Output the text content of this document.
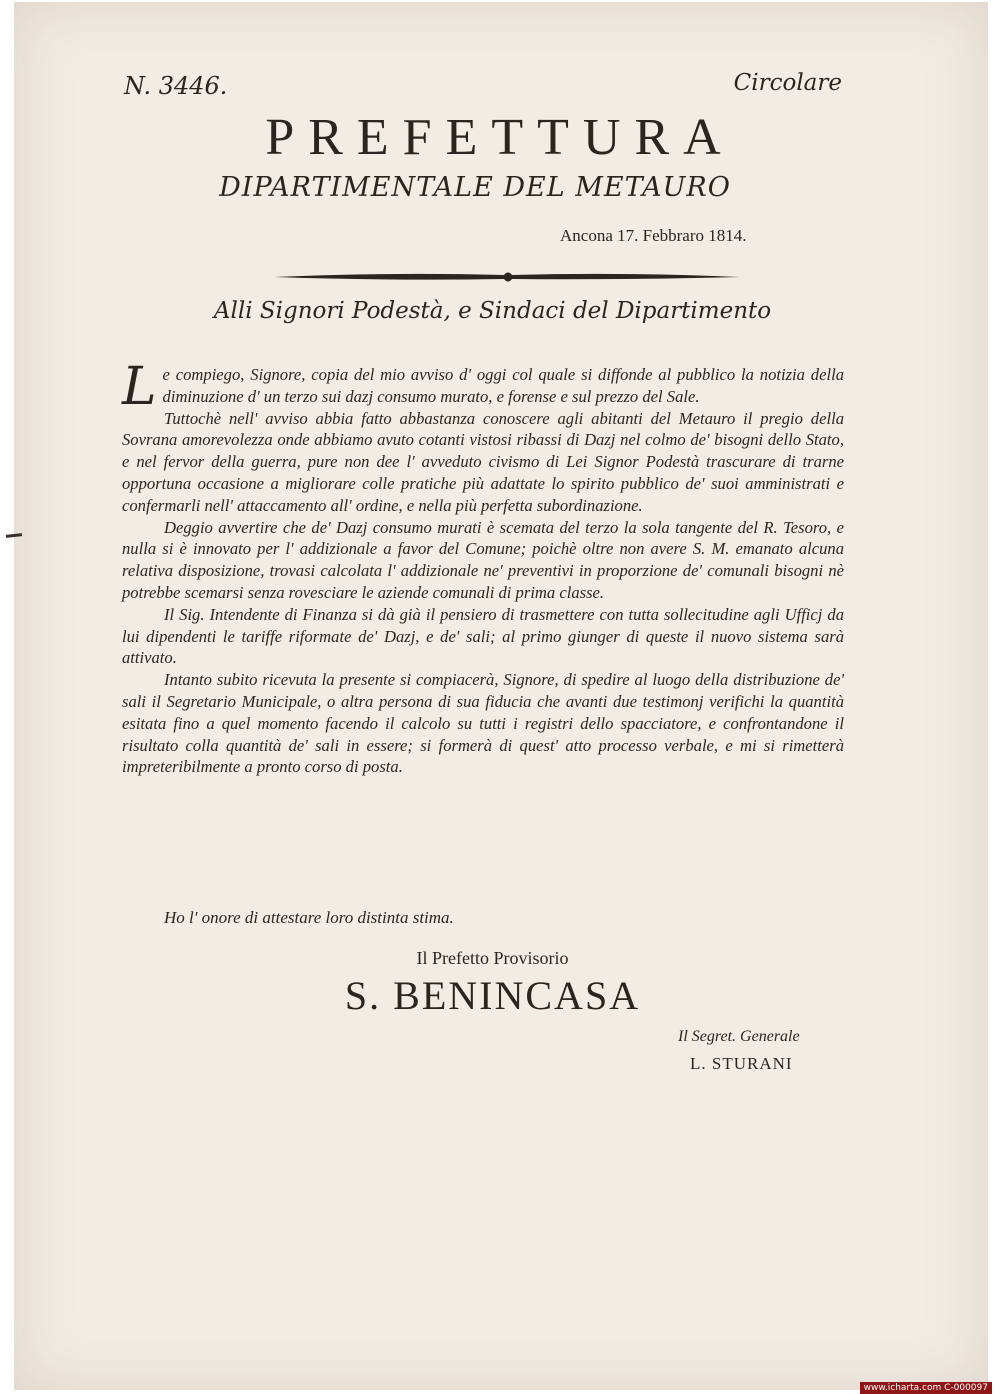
N. 3446.	Circolare
PREFETTURA
DIPARTIMENTALE DEL METAURO
Ancona 17. Febbraro 1814.
Alli Signori Podestà, e Sindaci del Dipartimento

Le compiego, Signore, copia del mio avviso d' oggi col quale si diffonde al pubblico la notizia della diminuzione d' un terzo sui dazj consumo murato, e forense e sul prezzo del Sale.

Tuttochè nell' avviso abbia fatto abbastanza conoscere agli abitanti del Metauro il pregio della Sovrana amorevolezza onde abbiamo avuto cotanti vistosi ribassi di Dazj nel colmo de' bisogni dello Stato, e nel fervor della guerra, pure non dee l' avveduto civismo di Lei Signor Podestà trascurare di trarne opportuna occasione a migliorare colle pratiche più adattate lo spirito pubblico de' suoi amministrati e confermarli nell' attaccamento all' ordine, e nella più perfetta subordinazione.

Deggio avvertire che de' Dazj consumo murati è scemata del terzo la sola tangente del R. Tesoro, e nulla si è innovato per l' addizionale a favor del Comune; poichè oltre non avere S. M. emanato alcuna relativa disposizione, trovasi calcolata l' addizionale ne' preventivi in proporzione de' comunali bisogni nè potrebbe scemarsi senza rovesciare le aziende comunali di prima classe.

Il Sig. Intendente di Finanza si dà già il pensiero di trasmettere con tutta sollecitudine agli Uffic​j da lui dipendenti le tariffe riformate de' Dazj, e de' sali; al primo giunger di queste il nuovo sistema sarà attivato.

Intanto subito ricevuta la presente si compiacerà, Signore, di spedire al luogo della distribuzione de' sali il Segretario Municipale, o altra persona di sua fiducia che avanti due testimonj verifichi la quantità esitata fino a quel momento facendo il calcolo su tutti i registri dello spacciatore, e confrontandone il risultato colla quantità de' sali in essere; si formerà di quest' atto processo verbale, e mi si rimetterà impreteribilmente a pronto corso di posta.

Ho l' onore di attestare loro distinta stima.
Il Prefetto Provisorio
S. BENINCASA
Il Segret. Generale
L. STURANI
www.icharta.com C-000097
